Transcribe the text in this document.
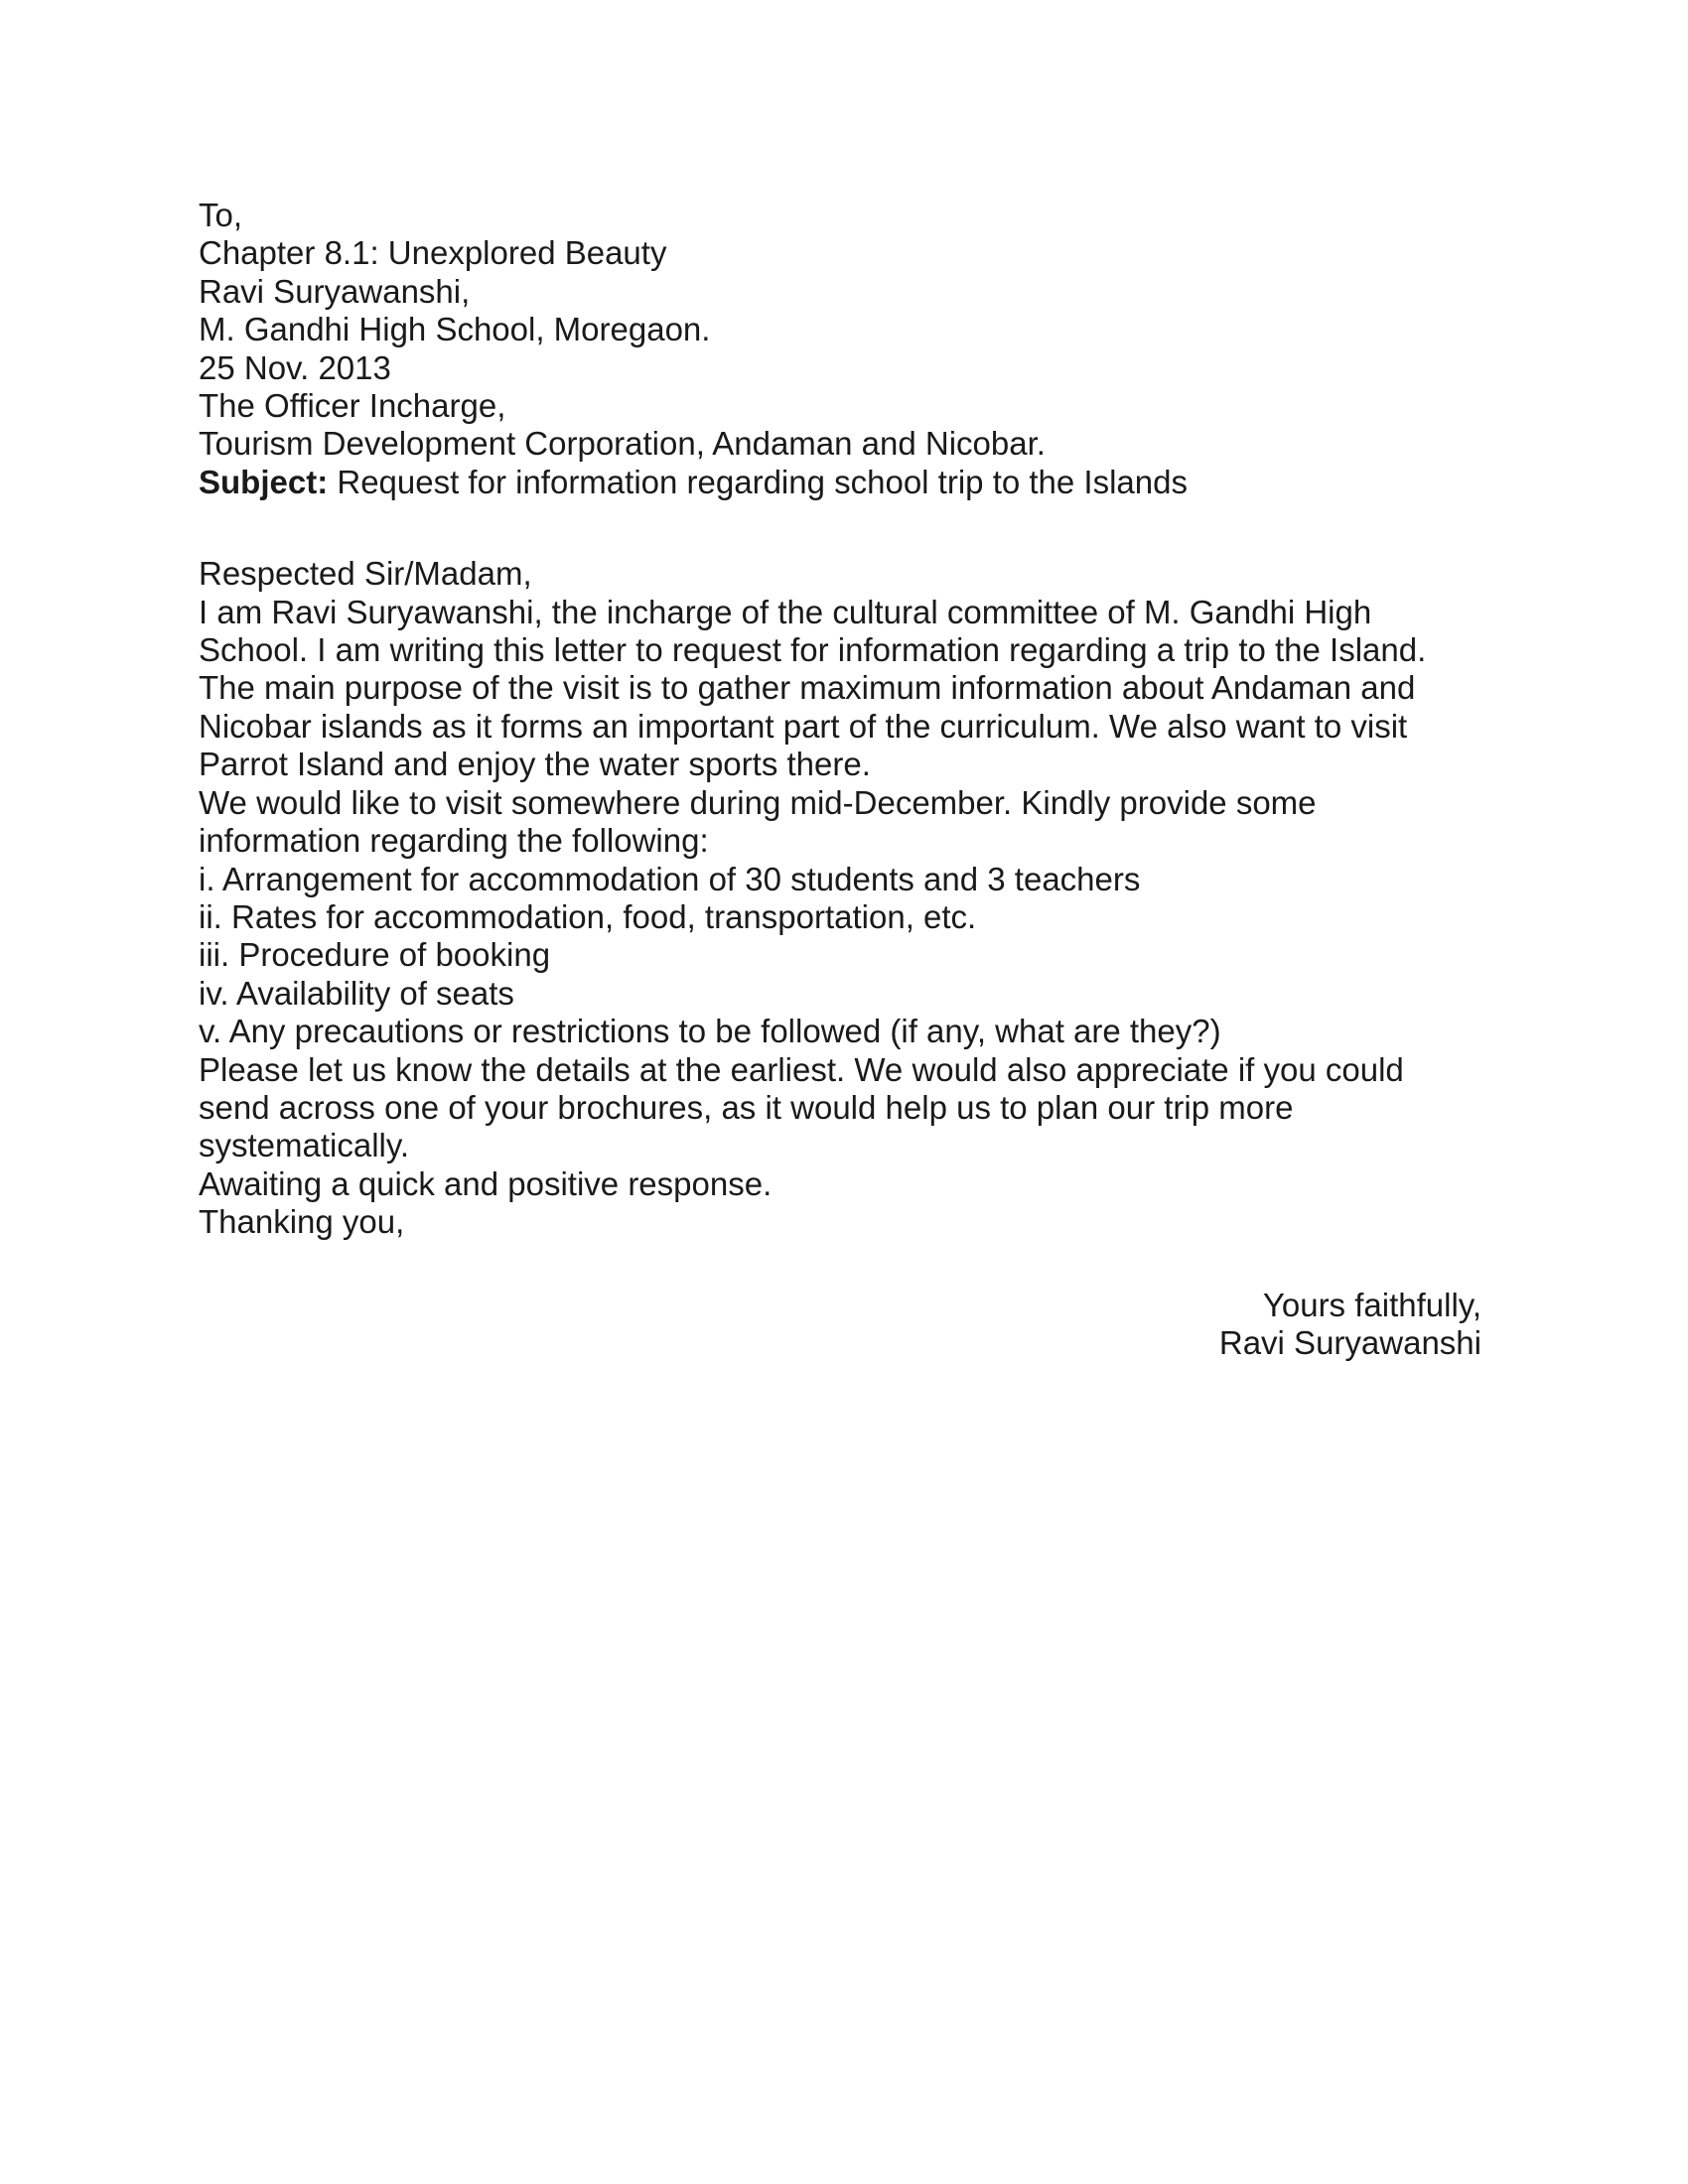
To,
Chapter 8.1: Unexplored Beauty
Ravi Suryawanshi,
M. Gandhi High School, Moregaon.
25 Nov. 2013
The Officer Incharge,
Tourism Development Corporation, Andaman and Nicobar.
Subject: Request for information regarding school trip to the Islands
Respected Sir/Madam,
I am Ravi Suryawanshi, the incharge of the cultural committee of M. Gandhi High
School. I am writing this letter to request for information regarding a trip to the Island.
The main purpose of the visit is to gather maximum information about Andaman and
Nicobar islands as it forms an important part of the curriculum. We also want to visit
Parrot Island and enjoy the water sports there.
We would like to visit somewhere during mid-December. Kindly provide some
information regarding the following:
i. Arrangement for accommodation of 30 students and 3 teachers
ii. Rates for accommodation, food, transportation, etc.
iii. Procedure of booking
iv. Availability of seats
v. Any precautions or restrictions to be followed (if any, what are they?)
Please let us know the details at the earliest. We would also appreciate if you could
send across one of your brochures, as it would help us to plan our trip more
systematically.
Awaiting a quick and positive response.
Thanking you,
Yours faithfully,
Ravi Suryawanshi
